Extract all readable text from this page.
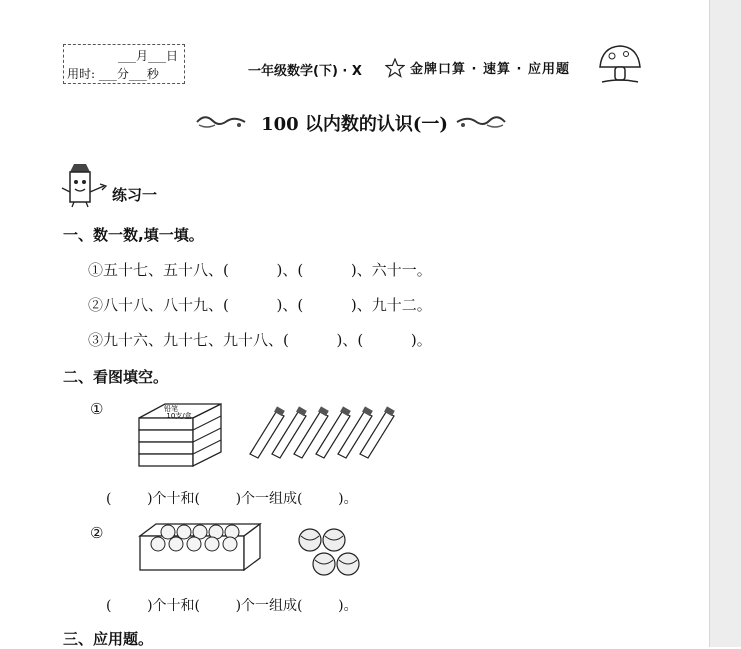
___月___日
用时: ___分___秒	一年级数学(下) · X	金牌口算 · 速算 · 应用题
100 以内数的认识(一)
练习一
一、数一数,填一填。
①五十七、五十八、(          )、(          )、六十一。
②八十八、八十九、(          )、(          )、九十二。
③九十六、九十七、九十八、(          )、(          )。
二、看图填空。
①	铅笔
10支/盒
(        )个十和(        )个一组成(        )。
②
(        )个十和(        )个一组成(        )。
三、应用题。
